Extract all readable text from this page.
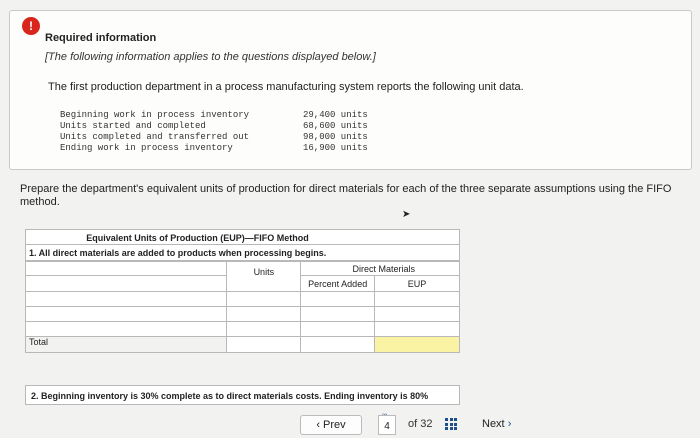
!
Required information
[The following information applies to the questions displayed below.]
The first production department in a process manufacturing system reports the following unit data.
Beginning work in process inventory	29,400 units
Units started and completed	68,600 units
Units completed and transferred out	98,000 units
Ending work in process inventory	16,900 units
Prepare the department's equivalent units of production for direct materials for each of the three separate assumptions using the FIFO method.
➤
Equivalent Units of Production (EUP)—FIFO Method
1. All direct materials are added to products when processing begins.
	Units	Direct Materials	
		Percent Added	EUP

Total			
2. Beginning inventory is 30% complete as to direct materials costs. Ending inventory is 80%
‹ Prev	4	of 32	Next ›
